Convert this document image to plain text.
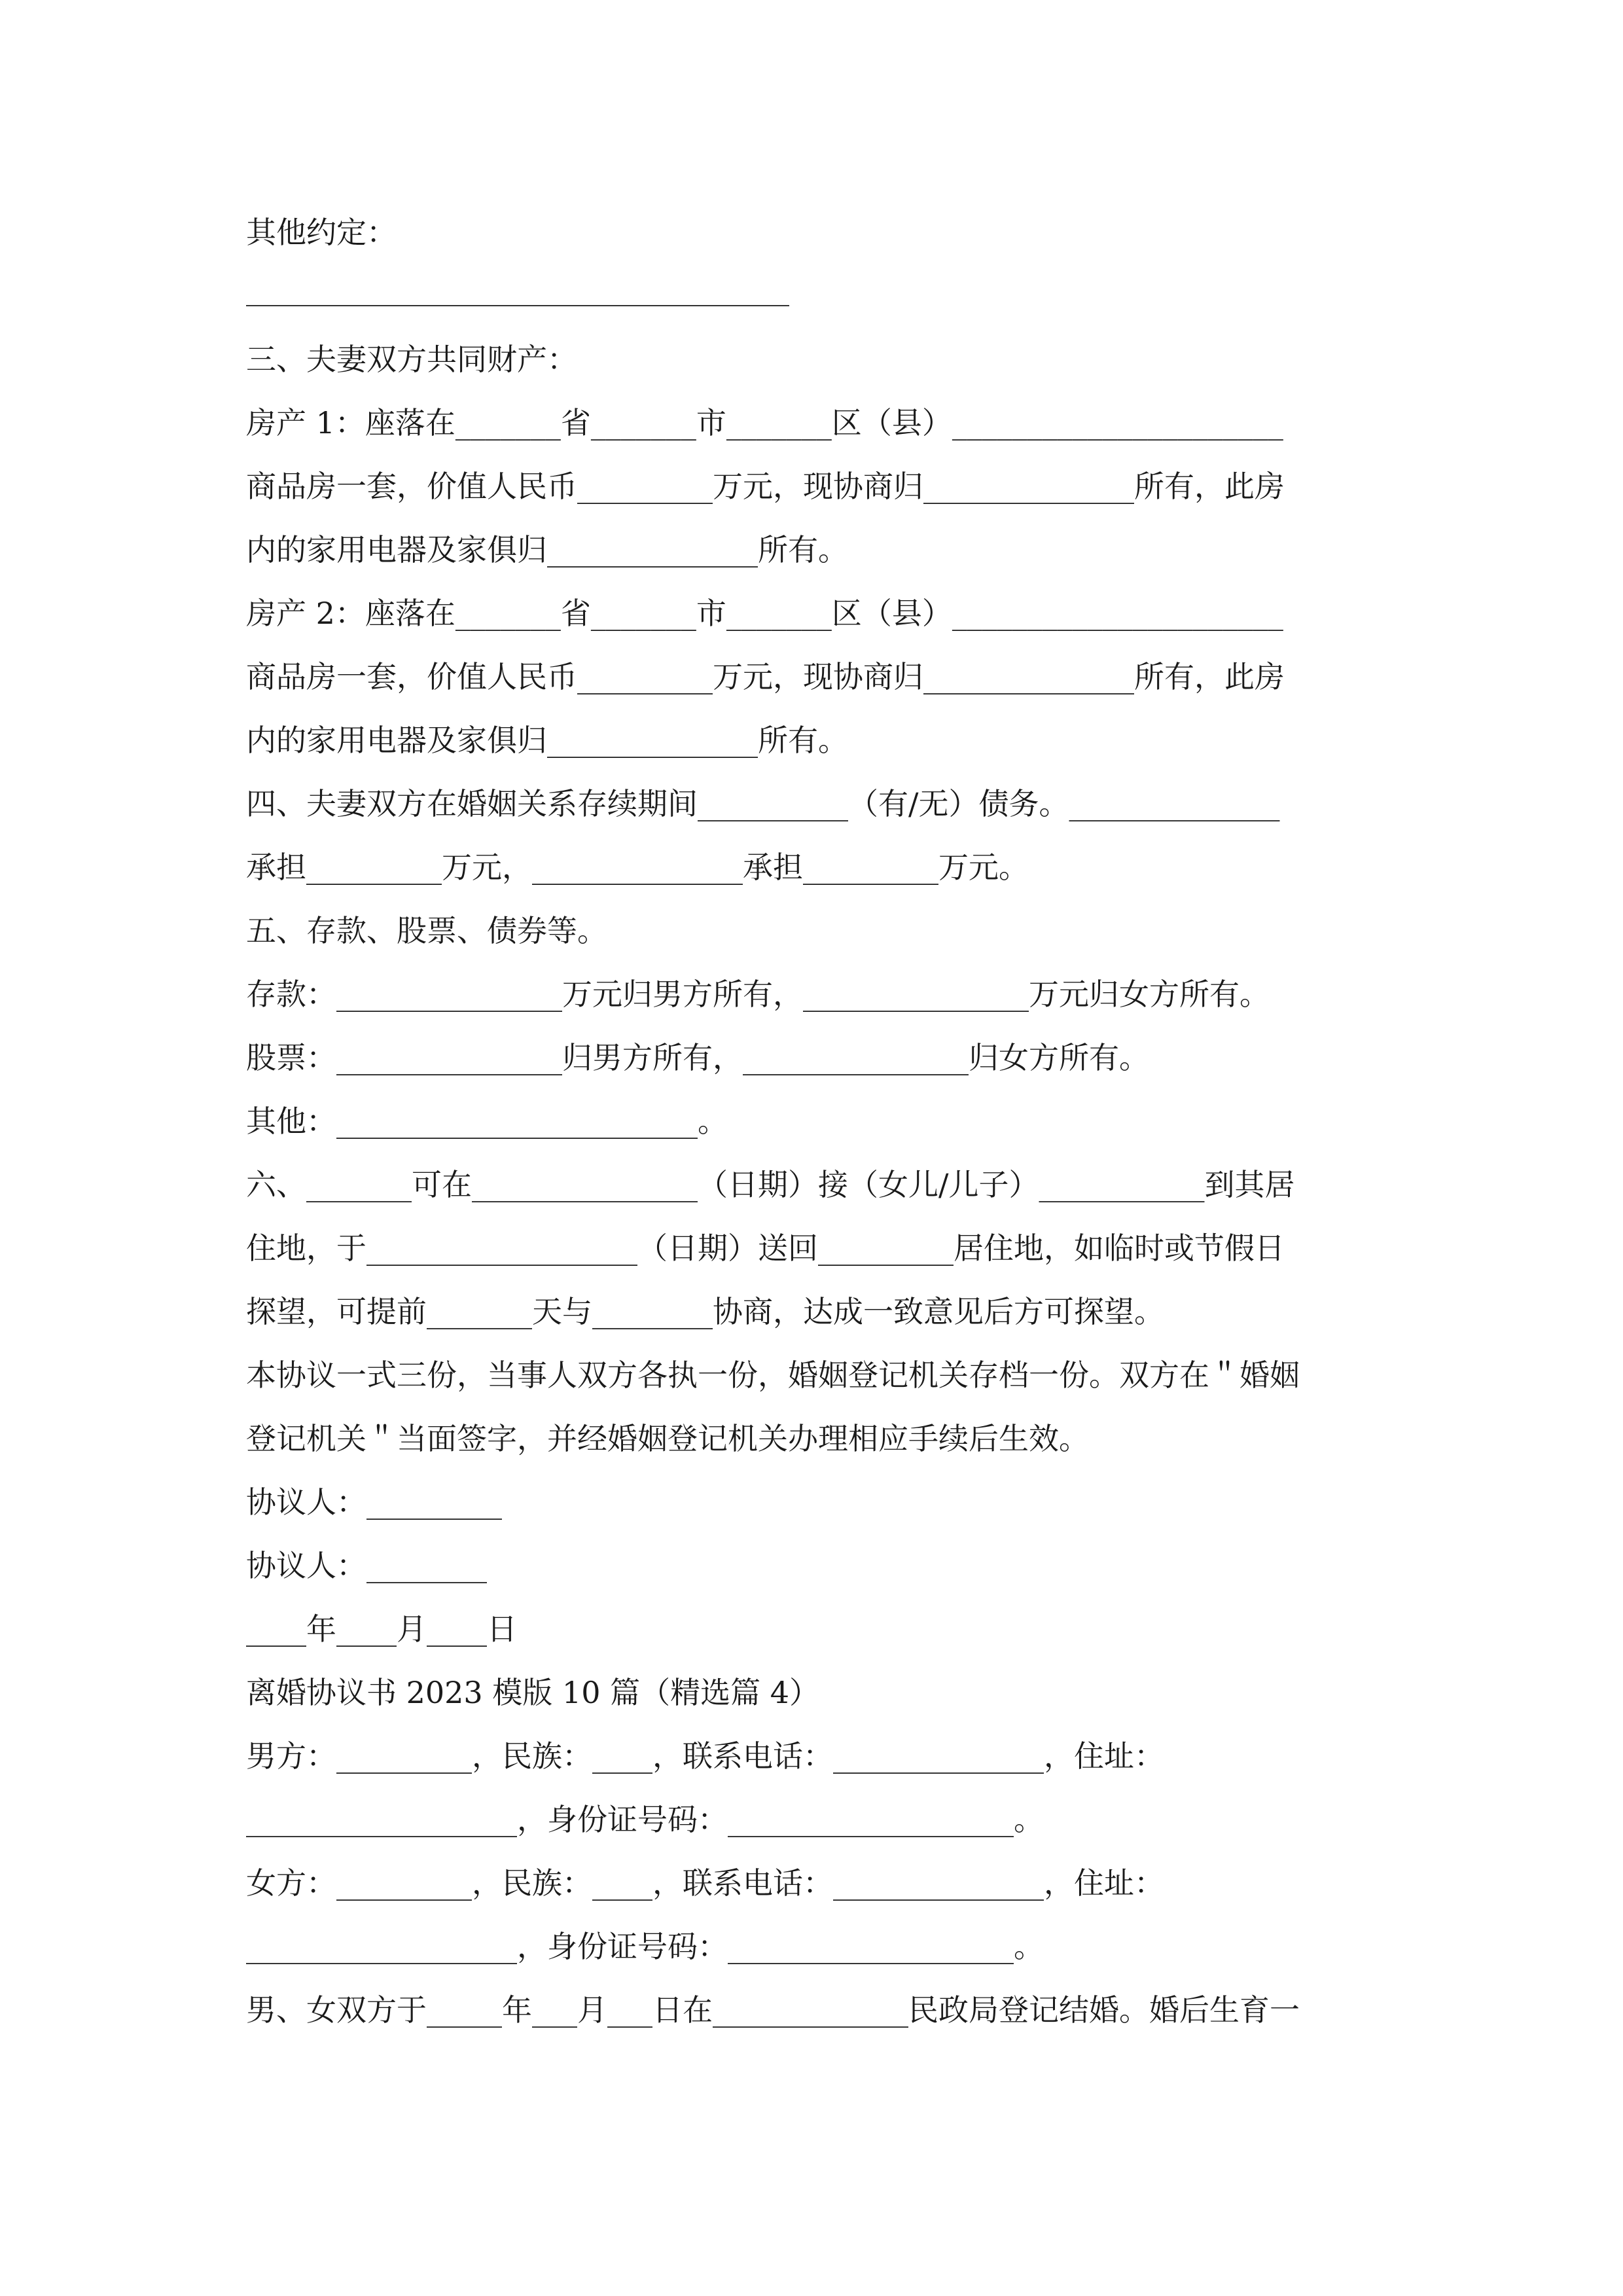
其他约定：
三、夫妻双方共同财产：
房产 1：座落在_______省_______市_______区（县）______________________
商品房一套，价值人民币_________万元，现协商归______________所有，此房
内的家用电器及家俱归______________所有。
房产 2：座落在_______省_______市_______区（县）______________________
商品房一套，价值人民币_________万元，现协商归______________所有，此房
内的家用电器及家俱归______________所有。
四、夫妻双方在婚姻关系存续期间__________（有/无）债务。______________
承担_________万元，______________承担_________万元。
五、存款、股票、债券等。
存款：_______________万元归男方所有，_______________万元归女方所有。
股票：_______________归男方所有，_______________归女方所有。
其他：________________________。
六、_______可在_______________（日期）接（女儿/儿子）___________到其居
住地，于__________________（日期）送回_________居住地，如临时或节假日
探望，可提前_______天与________协商，达成一致意见后方可探望。
本协议一式三份，当事人双方各执一份，婚姻登记机关存档一份。双方在＂婚姻
登记机关＂当面签字，并经婚姻登记机关办理相应手续后生效。
协议人：_________
协议人：________
____年____月____日
离婚协议书 2023 模版 10 篇（精选篇 4）
男方：_________，民族：____，联系电话：______________，住址：
__________________，身份证号码：___________________。
女方：_________，民族：____，联系电话：______________，住址：
__________________，身份证号码：___________________。
男、女双方于_____年___月___日在_____________民政局登记结婚。婚后生育一
